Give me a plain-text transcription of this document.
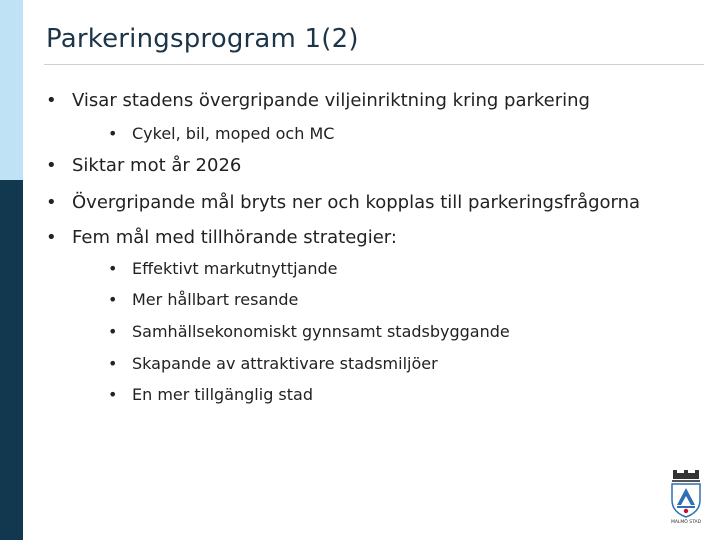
Parkeringsprogram 1(2)
• Visar stadens övergripande viljeinriktning kring parkering
• Cykel, bil, moped och MC
• Siktar mot år 2026
• Övergripande mål bryts ner och kopplas till parkeringsfrågorna
• Fem mål med tillhörande strategier:
• Effektivt markutnyttjande
• Mer hållbart resande
• Samhällsekonomiskt gynnsamt stadsbyggande
• Skapande av attraktivare stadsmiljöer
• En mer tillgänglig stad
MALMÖ STAD
